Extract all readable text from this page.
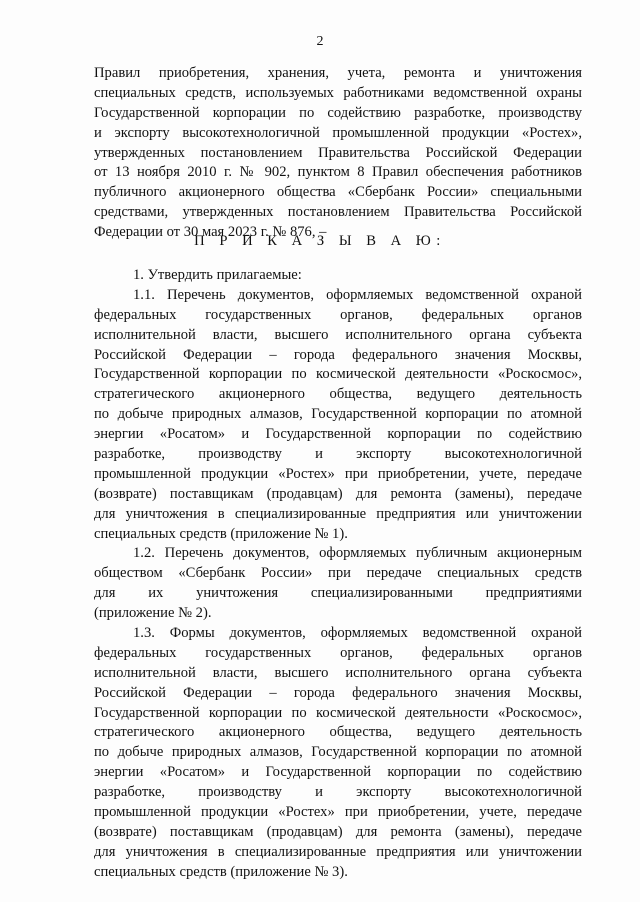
2
Правил приобретения, хранения, учета, ремонта и уничтожения
специальных средств, используемых работниками ведомственной охраны
Государственной корпорации по содействию разработке, производству
и экспорту высокотехнологичной промышленной продукции «Ростех»,
утвержденных постановлением Правительства Российской Федерации
от 13 ноября 2010 г. № 902, пунктом 8 Правил обеспечения работников
публичного акционерного общества «Сбербанк России» специальными
средствами, утвержденных постановлением Правительства Российской
Федерации от 30 мая 2023 г. № 876, –
П Р И К А З Ы В А Ю:
1. Утвердить прилагаемые:
1.1. Перечень документов, оформляемых ведомственной охраной
федеральных государственных органов, федеральных органов
исполнительной власти, высшего исполнительного органа субъекта
Российской Федерации – города федерального значения Москвы,
Государственной корпорации по космической деятельности «Роскосмос»,
стратегического акционерного общества, ведущего деятельность
по добыче природных алмазов, Государственной корпорации по атомной
энергии «Росатом» и Государственной корпорации по содействию
разработке, производству и экспорту высокотехнологичной
промышленной продукции «Ростех» при приобретении, учете, передаче
(возврате) поставщикам (продавцам) для ремонта (замены), передаче
для уничтожения в специализированные предприятия или уничтожении
специальных средств (приложение № 1).
1.2. Перечень документов, оформляемых публичным акционерным
обществом «Сбербанк России» при передаче специальных средств
для их уничтожения специализированными предприятиями
(приложение № 2).
1.3. Формы документов, оформляемых ведомственной охраной
федеральных государственных органов, федеральных органов
исполнительной власти, высшего исполнительного органа субъекта
Российской Федерации – города федерального значения Москвы,
Государственной корпорации по космической деятельности «Роскосмос»,
стратегического акционерного общества, ведущего деятельность
по добыче природных алмазов, Государственной корпорации по атомной
энергии «Росатом» и Государственной корпорации по содействию
разработке, производству и экспорту высокотехнологичной
промышленной продукции «Ростех» при приобретении, учете, передаче
(возврате) поставщикам (продавцам) для ремонта (замены), передаче
для уничтожения в специализированные предприятия или уничтожении
специальных средств (приложение № 3).
